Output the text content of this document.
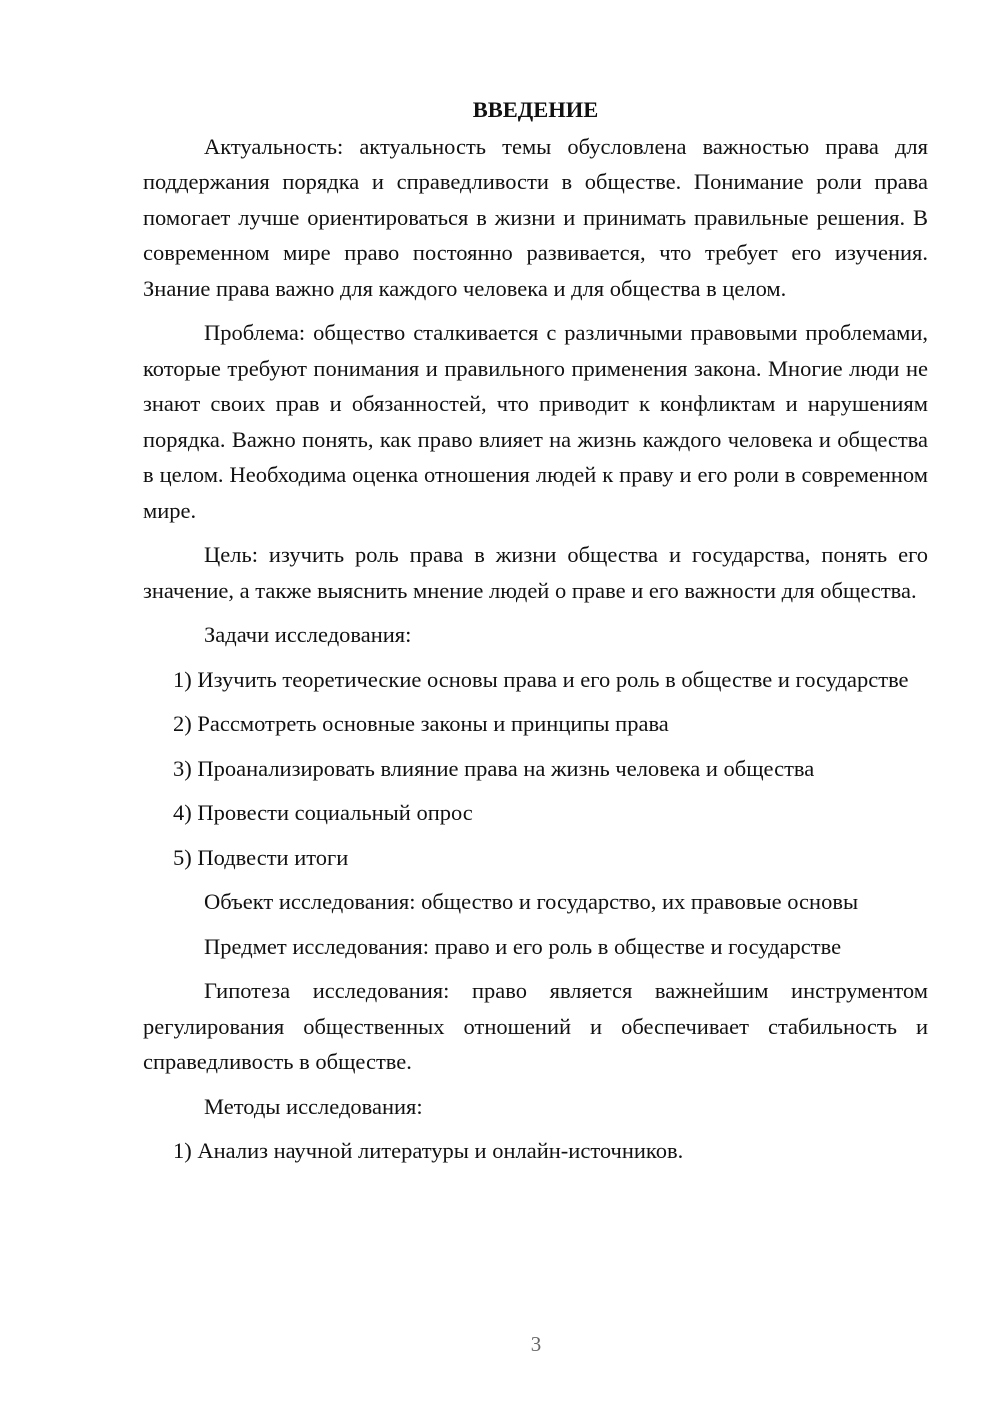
ВВЕДЕНИЕ

Актуальность: актуальность темы обусловлена важностью права для поддержания порядка и справедливости в обществе. Понимание роли права помогает лучше ориентироваться в жизни и принимать правильные решения. В современном мире право постоянно развивается, что требует его изучения. Знание права важно для каждого человека и для общества в целом.

Проблема: общество сталкивается с различными правовыми проблемами, которые требуют понимания и правильного применения закона. Многие люди не знают своих прав и обязанностей, что приводит к конфликтам и нарушениям порядка. Важно понять, как право влияет на жизнь каждого человека и общества в целом. Необходима оценка отношения людей к праву и его роли в современном мире.

Цель: изучить роль права в жизни общества и государства, понять его значение, а также выяснить мнение людей о праве и его важности для общества.

Задачи исследования:

1) Изучить теоретические основы права и его роль в обществе и государстве

2) Рассмотреть основные законы и принципы права

3) Проанализировать влияние права на жизнь человека и общества

4) Провести социальный опрос

5) Подвести итоги

Объект исследования: общество и государство, их правовые основы

Предмет исследования: право и его роль в обществе и государстве

Гипотеза исследования: право является важнейшим инструментом регулирования общественных отношений и обеспечивает стабильность и справедливость в обществе.

Методы исследования:

1) Анализ научной литературы и онлайн-источников.

3
